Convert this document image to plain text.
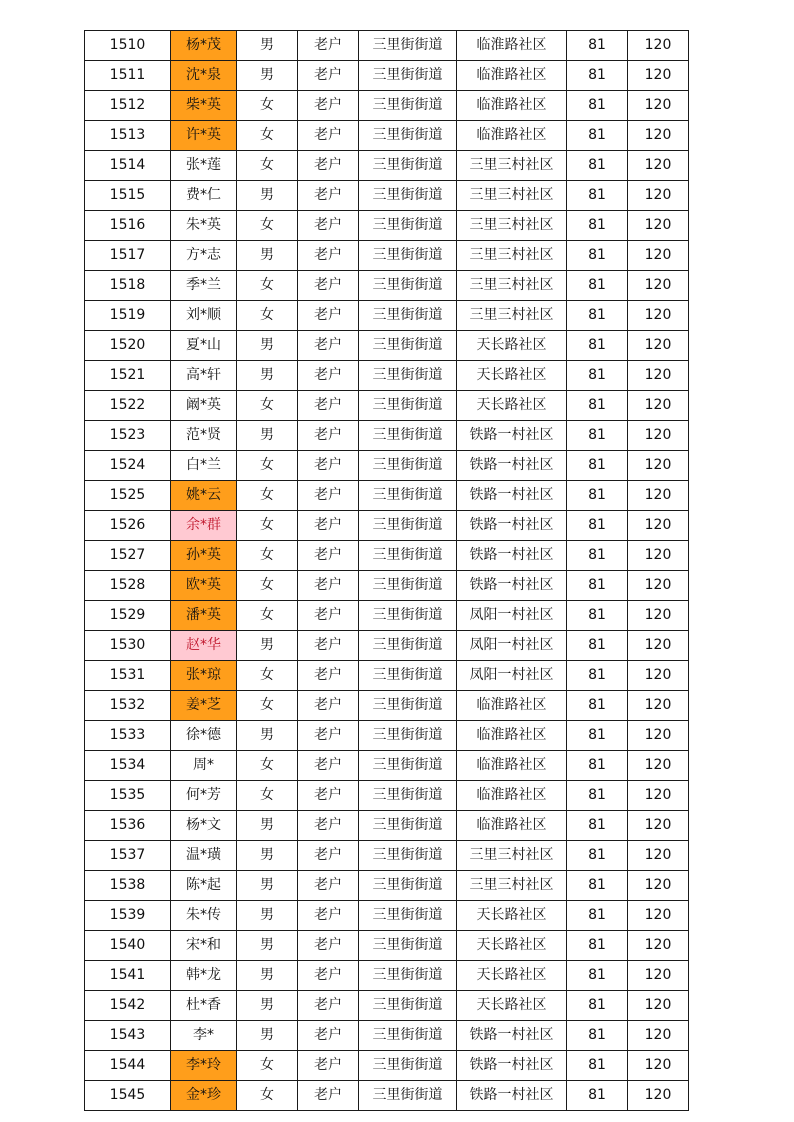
1510	杨*茂	男	老户	三里街街道	临淮路社区	81	120
1511	沈*泉	男	老户	三里街街道	临淮路社区	81	120
1512	柴*英	女	老户	三里街街道	临淮路社区	81	120
1513	许*英	女	老户	三里街街道	临淮路社区	81	120
1514	张*莲	女	老户	三里街街道	三里三村社区	81	120
1515	费*仁	男	老户	三里街街道	三里三村社区	81	120
1516	朱*英	女	老户	三里街街道	三里三村社区	81	120
1517	方*志	男	老户	三里街街道	三里三村社区	81	120
1518	季*兰	女	老户	三里街街道	三里三村社区	81	120
1519	刘*顺	女	老户	三里街街道	三里三村社区	81	120
1520	夏*山	男	老户	三里街街道	天长路社区	81	120
1521	高*轩	男	老户	三里街街道	天长路社区	81	120
1522	阚*英	女	老户	三里街街道	天长路社区	81	120
1523	范*贤	男	老户	三里街街道	铁路一村社区	81	120
1524	白*兰	女	老户	三里街街道	铁路一村社区	81	120
1525	姚*云	女	老户	三里街街道	铁路一村社区	81	120
1526	余*群	女	老户	三里街街道	铁路一村社区	81	120
1527	孙*英	女	老户	三里街街道	铁路一村社区	81	120
1528	欧*英	女	老户	三里街街道	铁路一村社区	81	120
1529	潘*英	女	老户	三里街街道	凤阳一村社区	81	120
1530	赵*华	男	老户	三里街街道	凤阳一村社区	81	120
1531	张*琼	女	老户	三里街街道	凤阳一村社区	81	120
1532	姜*芝	女	老户	三里街街道	临淮路社区	81	120
1533	徐*德	男	老户	三里街街道	临淮路社区	81	120
1534	周*	女	老户	三里街街道	临淮路社区	81	120
1535	何*芳	女	老户	三里街街道	临淮路社区	81	120
1536	杨*文	男	老户	三里街街道	临淮路社区	81	120
1537	温*璜	男	老户	三里街街道	三里三村社区	81	120
1538	陈*起	男	老户	三里街街道	三里三村社区	81	120
1539	朱*传	男	老户	三里街街道	天长路社区	81	120
1540	宋*和	男	老户	三里街街道	天长路社区	81	120
1541	韩*龙	男	老户	三里街街道	天长路社区	81	120
1542	杜*香	男	老户	三里街街道	天长路社区	81	120
1543	李*	男	老户	三里街街道	铁路一村社区	81	120
1544	李*玲	女	老户	三里街街道	铁路一村社区	81	120
1545	金*珍	女	老户	三里街街道	铁路一村社区	81	120
